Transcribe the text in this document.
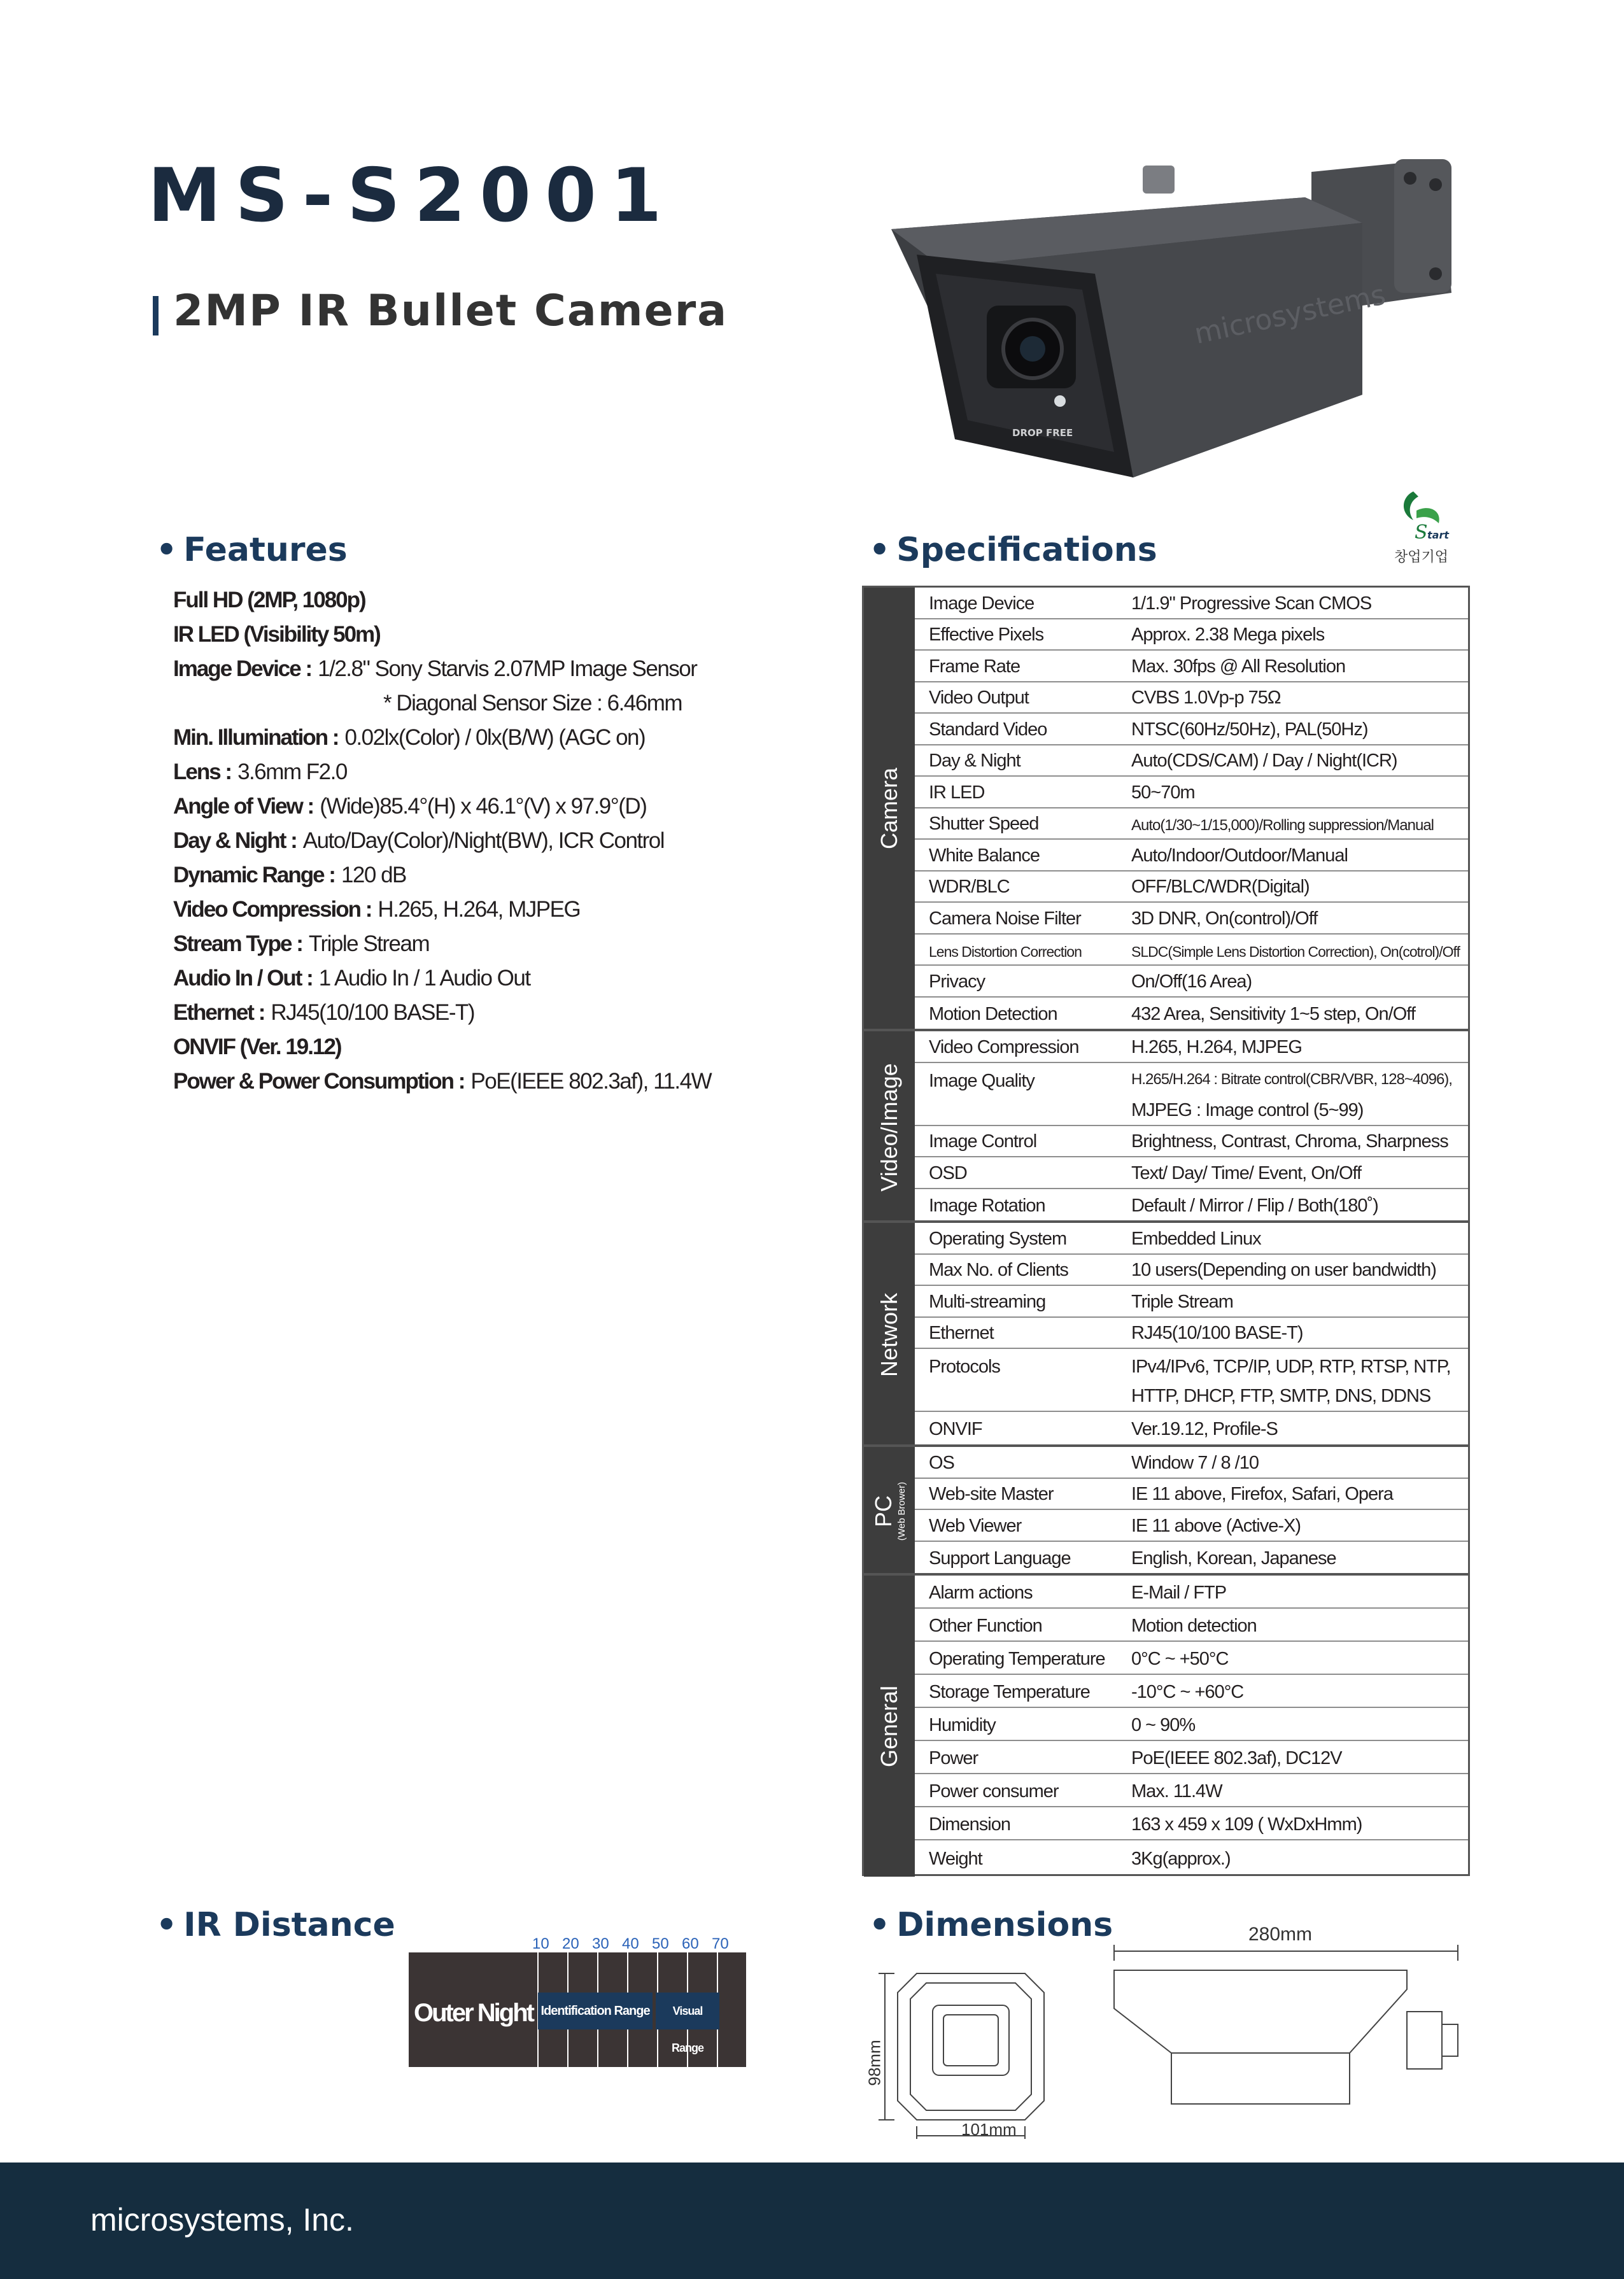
MS-S2001
2MP IR Bullet Camera
DROP FREE
microsystems
S tart
창업기업
• Features
Full HD (2MP, 1080p)
IR LED (Visibility 50m)
Image Device : 1/2.8" Sony Starvis 2.07MP Image Sensor
* Diagonal Sensor Size : 6.46mm
Min. Illumination : 0.02lx(Color) / 0lx(B/W) (AGC on)
Lens : 3.6mm F2.0
Angle of View : (Wide)85.4°(H) x 46.1°(V) x 97.9°(D)
Day & Night : Auto/Day(Color)/Night(BW), ICR Control
Dynamic Range : 120 dB
Video Compression : H.265, H.264, MJPEG
Stream Type : Triple Stream
Audio In / Out : 1 Audio In / 1 Audio Out
Ethernet : RJ45(10/100 BASE-T)
ONVIF (Ver. 19.12)
Power & Power Consumption : PoE(IEEE 802.3af), 11.4W
• Specifications
Camera
Image Device	1/1.9" Progressive Scan CMOS
Effective Pixels	Approx. 2.38 Mega pixels
Frame Rate	Max. 30fps @ All Resolution
Video Output	CVBS 1.0Vp-p 75Ω
Standard Video	NTSC(60Hz/50Hz), PAL(50Hz)
Day & Night	Auto(CDS/CAM) / Day / Night(ICR)
IR LED	50~70m
Shutter Speed	Auto(1/30~1/15,000)/Rolling suppression/Manual
White Balance	Auto/Indoor/Outdoor/Manual
WDR/BLC	OFF/BLC/WDR(Digital)
Camera Noise Filter	3D DNR, On(control)/Off
Lens Distortion Correction	SLDC(Simple Lens Distortion Correction), On(cotrol)/Off
Privacy	On/Off(16 Area)
Motion Detection	432 Area, Sensitivity 1~5 step, On/Off
Video/Image
Video Compression	H.265, H.264, MJPEG
Image Quality	H.265/H.264 : Bitrate control(CBR/VBR, 128~4096),
MJPEG : Image control (5~99)
Image Control	Brightness, Contrast, Chroma, Sharpness
OSD	Text/ Day/ Time/ Event, On/Off
Image Rotation	Default / Mirror / Flip / Both(180˚)
Network
Operating System	Embedded Linux
Max No. of Clients	10 users(Depending on user bandwidth)
Multi-streaming	Triple Stream
Ethernet	RJ45(10/100 BASE-T)
Protocols	IPv4/IPv6, TCP/IP, UDP, RTP, RTSP, NTP,
HTTP, DHCP, FTP, SMTP, DNS, DDNS
ONVIF	Ver.19.12, Profile-S
PC (Web Brower)
OS	Window 7 / 8 /10
Web-site Master	IE 11 above, Firefox, Safari, Opera
Web Viewer	IE 11 above (Active-X)
Support Language	English, Korean, Japanese
General
Alarm actions	E-Mail / FTP
Other Function	Motion detection
Operating Temperature 0°C ~ +50°C
Storage Temperature -10°C ~ +60°C
Humidity	0 ~ 90%
Power	PoE(IEEE 802.3af), DC12V
Power consumer	Max. 11.4W
Dimension	163 x 459 x 109 ( WxDxHmm)
Weight	3Kg(approx.)
• IR Distance	10 20 30 40 50 60 70
Outer Night Identification Range	Visual Range
• Dimensions	280mm
98mm
101mm
microsystems, Inc.
